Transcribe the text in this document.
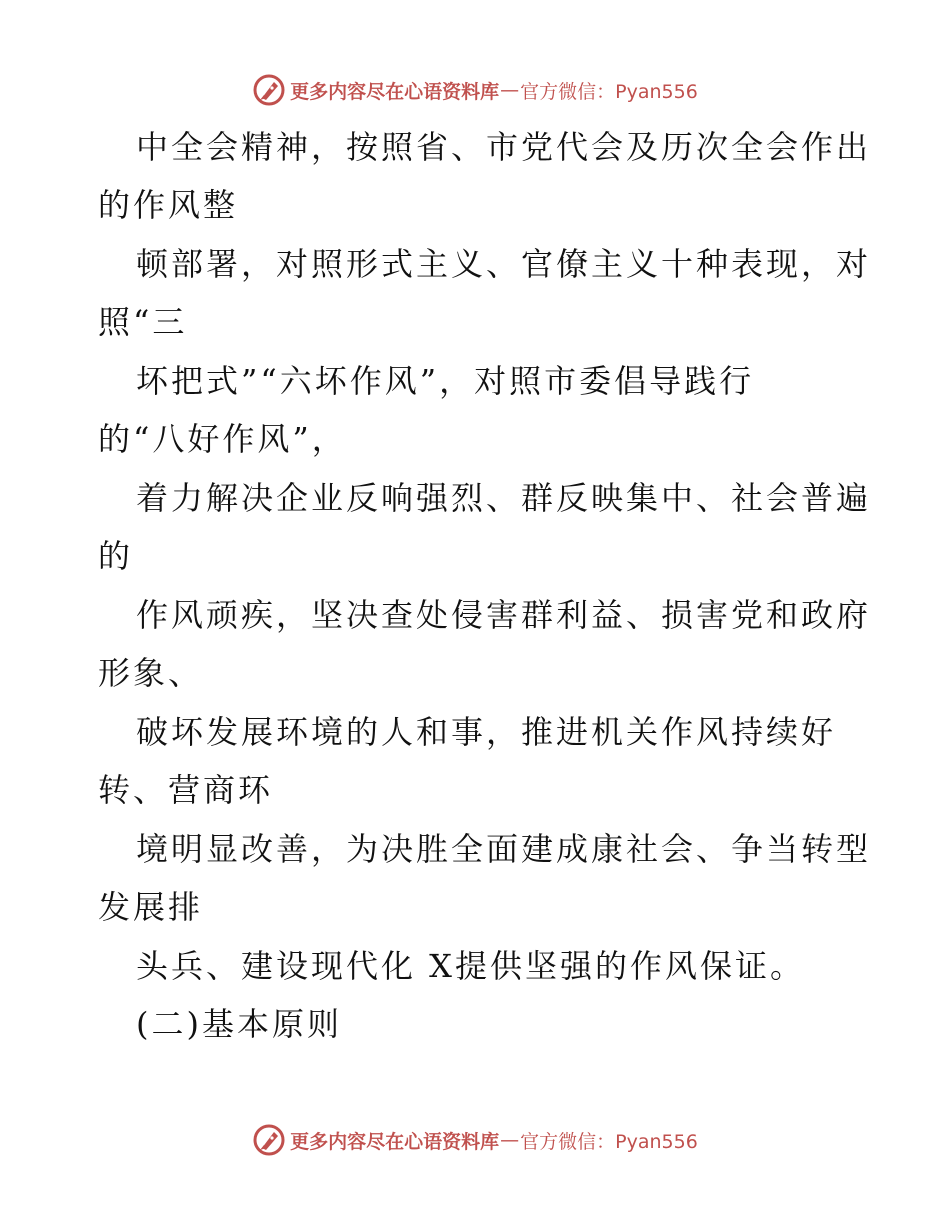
更多内容尽在心语资料库 — 官方微信：Pyan556
中全会精神，按照省、市党代会及历次全会作出
的作风整
顿部署，对照形式主义、官僚主义十种表现，对
照“三
坏把式”“六坏作风”，对照市委倡导践行
的“八好作风”，
着力解决企业反响强烈、群反映集中、社会普遍
的
作风顽疾，坚决查处侵害群利益、损害党和政府
形象、
破坏发展环境的人和事，推进机关作风持续好
转、营商环
境明显改善，为决胜全面建成康社会、争当转型
发展排
头兵、建设现代化 X提供坚强的作风保证。
(二)基本原则
更多内容尽在心语资料库 — 官方微信：Pyan556
